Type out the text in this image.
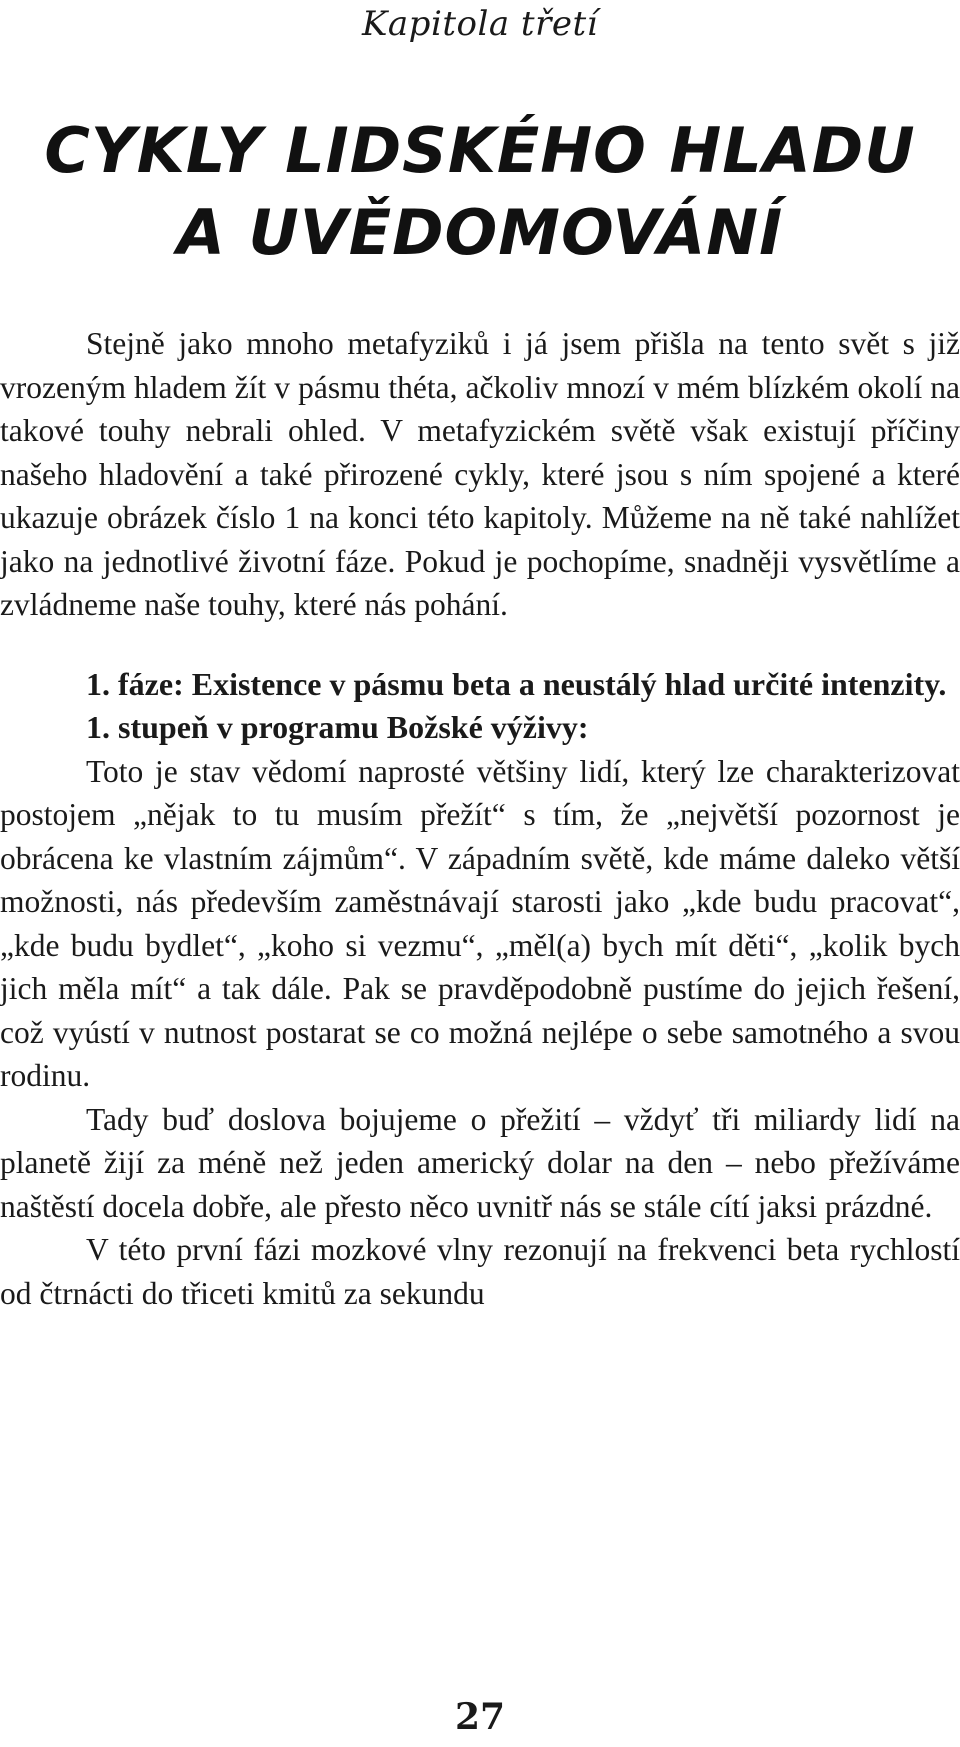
Kapitola třetí
CYKLY LIDSKÉHO HLADU
A UVĚDOMOVÁNÍ

Stejně jako mnoho metafyziků i já jsem přišla na tento svět s již vrozeným hladem žít v pásmu théta, ačkoliv mnozí v mém blízkém okolí na takové touhy nebrali ohled. V metafyzickém světě však existují příčiny našeho hladovění a také přirozené cykly, které jsou s ním spojené a které ukazuje obrázek číslo 1 na konci této kapitoly. Můžeme na ně také nahlížet jako na jednotlivé životní fáze. Pokud je pochopíme, snadněji vysvětlíme a zvládneme naše touhy, které nás pohání.

1. fáze: Existence v pásmu beta a neustálý hlad určité intenzity.

1. stupeň v programu Božské výživy:

Toto je stav vědomí naprosté většiny lidí, který lze charakterizovat postojem „nějak to tu musím přežít“ s tím, že „největší pozornost je obrácena ke vlastním zájmům“. V západním světě, kde máme daleko větší možnosti, nás především zaměstnávají starosti jako „kde budu pracovat“, „kde budu bydlet“, „koho si vezmu“, „měl(a) bych mít děti“, „kolik bych jich měla mít“ a tak dále. Pak se pravděpodobně pustíme do jejich řešení, což vyústí v nutnost postarat se co možná nejlépe o sebe samotného a svou rodinu.

Tady buď doslova bojujeme o přežití – vždyť tři miliardy lidí na planetě žijí za méně než jeden americký dolar na den – nebo přežíváme naštěstí docela dobře, ale přesto něco uvnitř nás se stále cítí jaksi prázdné.

V této první fázi mozkové vlny rezonují na frekvenci beta rychlostí od čtrnácti do třiceti kmitů za sekundu

27
